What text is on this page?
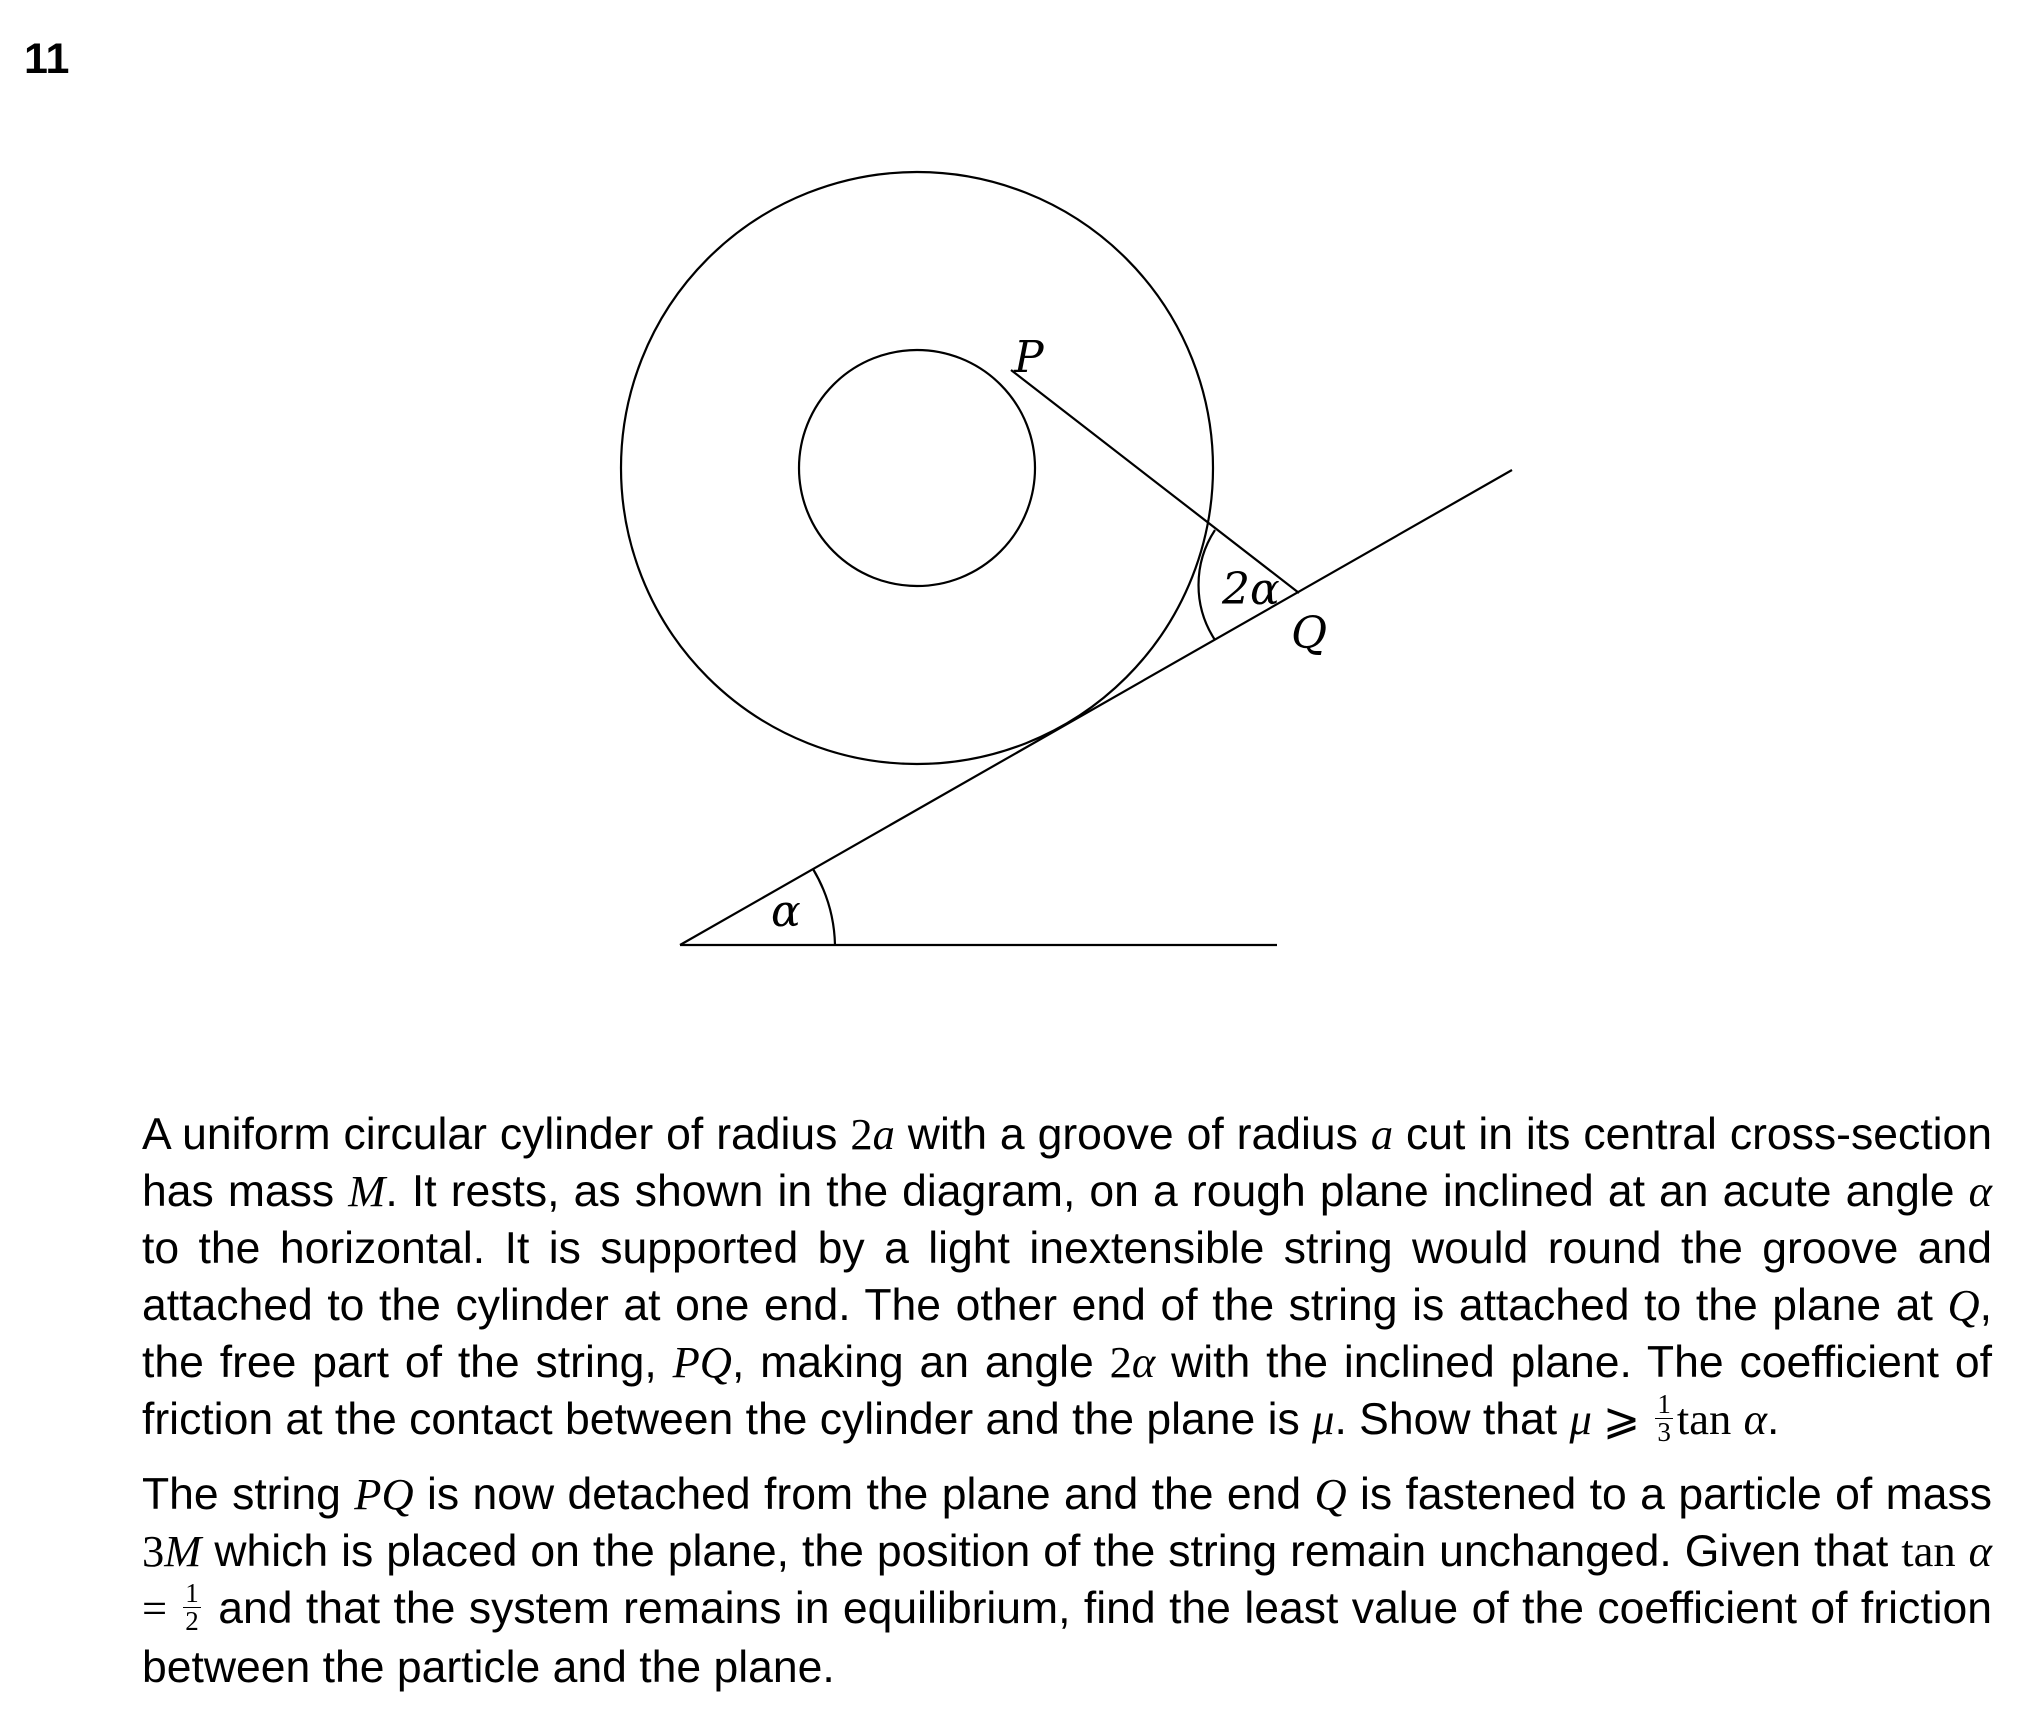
11
P
Q
2α
α

A uniform circular cylinder of radius 2a with a groove of radius a cut in its central cross-section has mass M. It rests, as shown in the diagram, on a rough plane inclined at an acute angle α to the horizontal. It is supported by a light inextensible string would round the groove and attached to the cylinder at one end. The other end of the string is attached to the plane at Q, the free part of the string, PQ, making an angle 2α with the inclined plane. The coefficient of friction at the contact between the cylinder and the plane is μ. Show that μ ⩾ $\frac{1}{3}$ tan α.

The string PQ is now detached from the plane and the end Q is fastened to a particle of mass 3M which is placed on the plane, the position of the string remain unchanged. Given that $\tan \alpha = \frac{1}{2}$ and that the system remains in equilibrium, find the least value of the coefficient of friction between the particle and the plane.
